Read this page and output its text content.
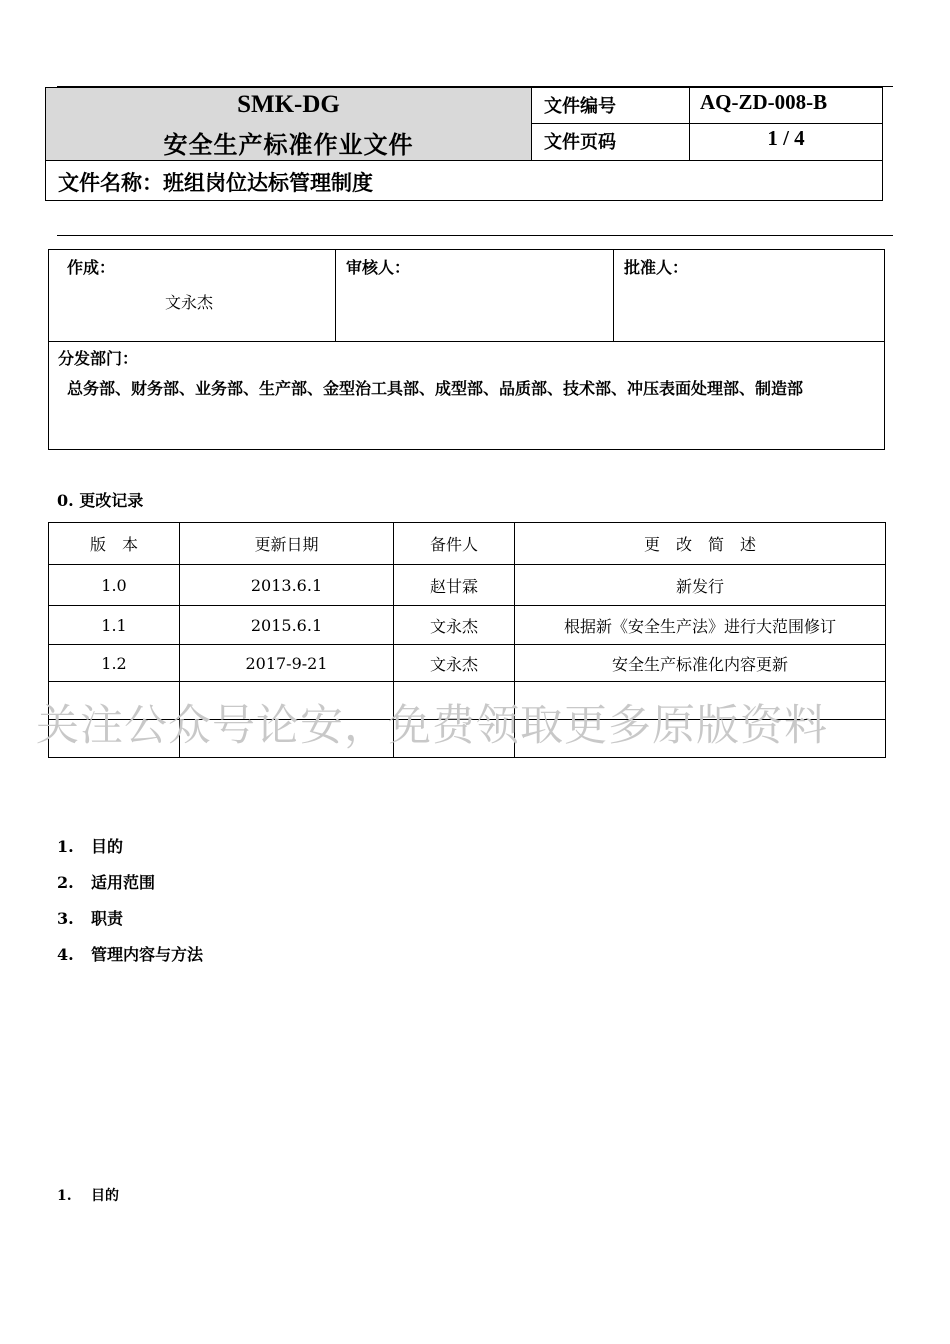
SMK-DG
安全生产标准作业文件
文件编号	AQ-ZD-008-B
文件页码	1 / 4
文件名称：班组岗位达标管理制度
作成：
文永杰
审核人：	批准人：
分发部门：
总务部、财务部、业务部、生产部、金型治工具部、成型部、品质部、技术部、冲压表面处理部、制造部
0. 更改记录
版　本	更新日期	备件人	更　改　简　述
1.0	2013.6.1	赵甘霖	新发行
1.1	2015.6.1	文永杰	根据新《安全生产法》进行大范围修订
1.2	2017-9-21	文永杰	安全生产标准化内容更新

关注公众号论安，免费领取更多原版资料
1. 目的
2. 适用范围
3. 职责
4. 管理内容与方法
1. 目的
